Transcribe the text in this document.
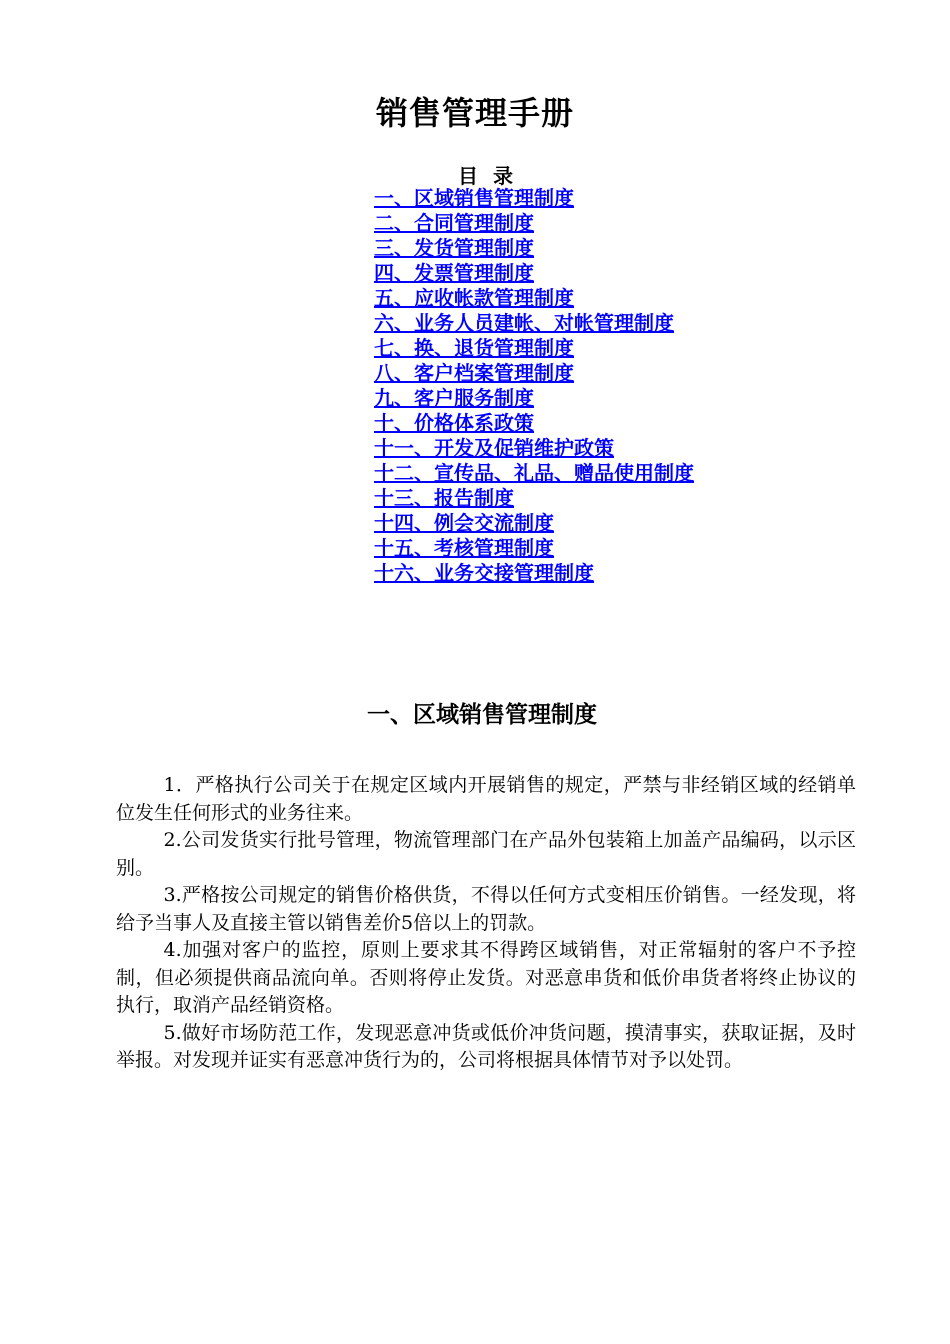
销售管理手册
目 录
一、区域销售管理制度
二、合同管理制度
三、发货管理制度
四、发票管理制度
五、应收帐款管理制度
六、业务人员建帐、对帐管理制度
七、换、退货管理制度
八、客户档案管理制度
九、客户服务制度
十、价格体系政策
十一、开发及促销维护政策
十二、宣传品、礼品、赠品使用制度
十三、报告制度
十四、例会交流制度
十五、考核管理制度
十六、业务交接管理制度
一、区域销售管理制度

1．严格执行公司关于在规定区域内开展销售的规定，严禁与非经销区域的经销单位发生任何形式的业务往来。

2.公司发货实行批号管理，物流管理部门在产品外包装箱上加盖产品编码，以示区别。

3.严格按公司规定的销售价格供货，不得以任何方式变相压价销售。一经发现，将给予当事人及直接主管以销售差价5倍以上的罚款。

4.加强对客户的监控，原则上要求其不得跨区域销售，对正常辐射的客户不予控制，但必须提供商品流向单。否则将停止发货。对恶意串货和低价串货者将终止协议的执行，取消产品经销资格。

5.做好市场防范工作，发现恶意冲货或低价冲货问题，摸清事实，获取证据，及时举报。对发现并证实有恶意冲货行为的，公司将根据具体情节对予以处罚。
